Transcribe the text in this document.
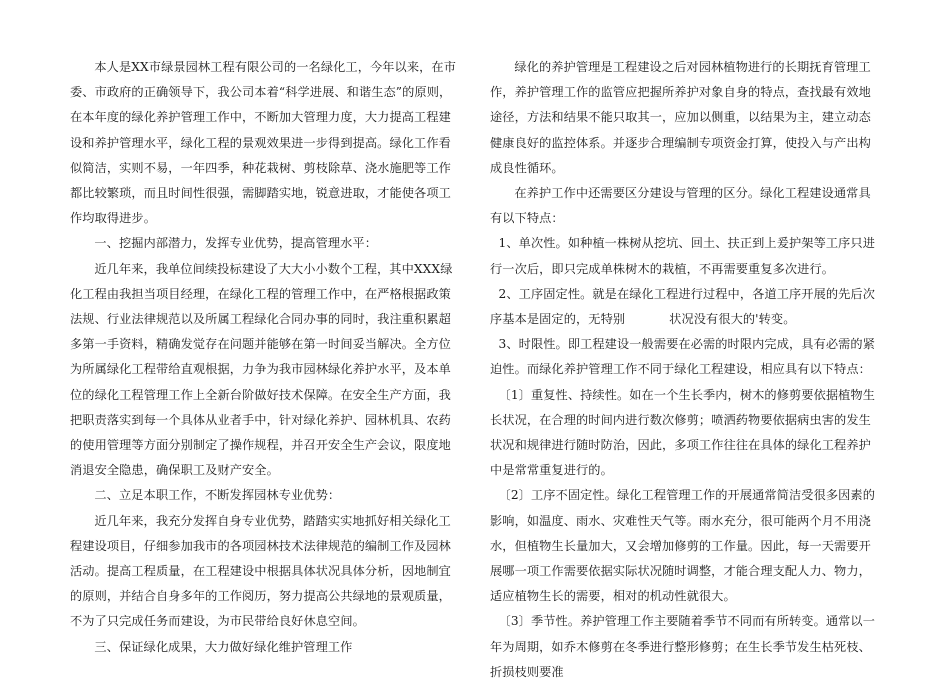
本人是XX市绿景园林工程有限公司的一名绿化工，今年以来，在市委、市政府的正确领导下，我公司本着“科学进展、和谐生态”的原则，在本年度的绿化养护管理工作中，不断加大管理力度，大力提高工程建设和养护管理水平，绿化工程的景观效果进一步得到提高。绿化工作看似简洁，实则不易，一年四季，种花栽树、剪枝除草、浇水施肥等工作都比较繁琐，而且时间性很强，需脚踏实地，锐意进取，才能使各项工作均取得进步。

一、挖掘内部潜力，发挥专业优势，提高管理水平：

近几年来，我单位间续投标建设了大大小小数个工程，其中XXX绿化工程由我担当项目经理，在绿化工程的管理工作中，在严格根据政策法规、行业法律规范以及所属工程绿化合同办事的同时，我注重积累超多第一手资料，精确发觉存在问题并能够在第一时间妥当解决。全方位为所属绿化工程带给直观根据，力争为我市园林绿化养护水平，及本单位的绿化工程管理工作上全新台阶做好技术保障。在安全生产方面，我把职责落实到每一个具体从业者手中，针对绿化养护、园林机具、农药的使用管理等方面分别制定了操作规程，并召开安全生产会议，限度地消退安全隐患，确保职工及财产安全。

二、立足本职工作，不断发挥园林专业优势：

近几年来，我充分发挥自身专业优势，踏踏实实地抓好相关绿化工程建设项目，仔细参加我市的各项园林技术法律规范的编制工作及园林活动。提高工程质量，在工程建设中根据具体状况具体分析，因地制宜的原则，并结合自身多年的工作阅历，努力提高公共绿地的景观质量，不为了只完成任务而建设，为市民带给良好休息空间。

三、保证绿化成果，大力做好绿化维护管理工作

绿化的养护管理是工程建设之后对园林植物进行的长期抚育管理工作，养护管理工作的监管应把握所养护对象自身的特点，查找最有效地途径，方法和结果不能只取其一，应加以侧重，以结果为主，建立动态健康良好的监控体系。并逐步合理编制专项资金打算，使投入与产出构成良性循环。

在养护工作中还需要区分建设与管理的区分。绿化工程建设通常具有以下特点：

1、单次性。如种植一株树从挖坑、回土、扶正到上爰护架等工序只进行一次后，即只完成单株树木的栽植，不再需要重复多次进行。

2、工序固定性。就是在绿化工程进行过程中，各道工序开展的先后次序基本是固定的，无特别	状况没有很大的'转变。

3、时限性。即工程建设一般需要在必需的时限内完成，具有必需的紧迫性。而绿化养护管理工作不同于绿化工程建设，相应具有以下特点：

〔1〕重复性、持续性。如在一个生长季内，树木的修剪要依据植物生长状况，在合理的时间内进行数次修剪；喷洒药物要依据病虫害的发生状况和规律进行随时防治，因此，多项工作往往在具体的绿化工程养护中是常常重复进行的。

〔2〕工序不固定性。绿化工程管理工作的开展通常简洁受很多因素的影响，如温度、雨水、灾难性天气等。雨水充分，很可能两个月不用浇水，但植物生长量加大，又会增加修剪的工作量。因此，每一天需要开展哪一项工作需要依据实际状况随时调整，才能合理支配人力、物力，适应植物生长的需要，相对的机动性就很大。

〔3〕季节性。养护管理工作主要随着季节不同而有所转变。通常以一年为周期，如乔木修剪在冬季进行整形修剪；在生长季节发生枯死枝、折损枝则要准
